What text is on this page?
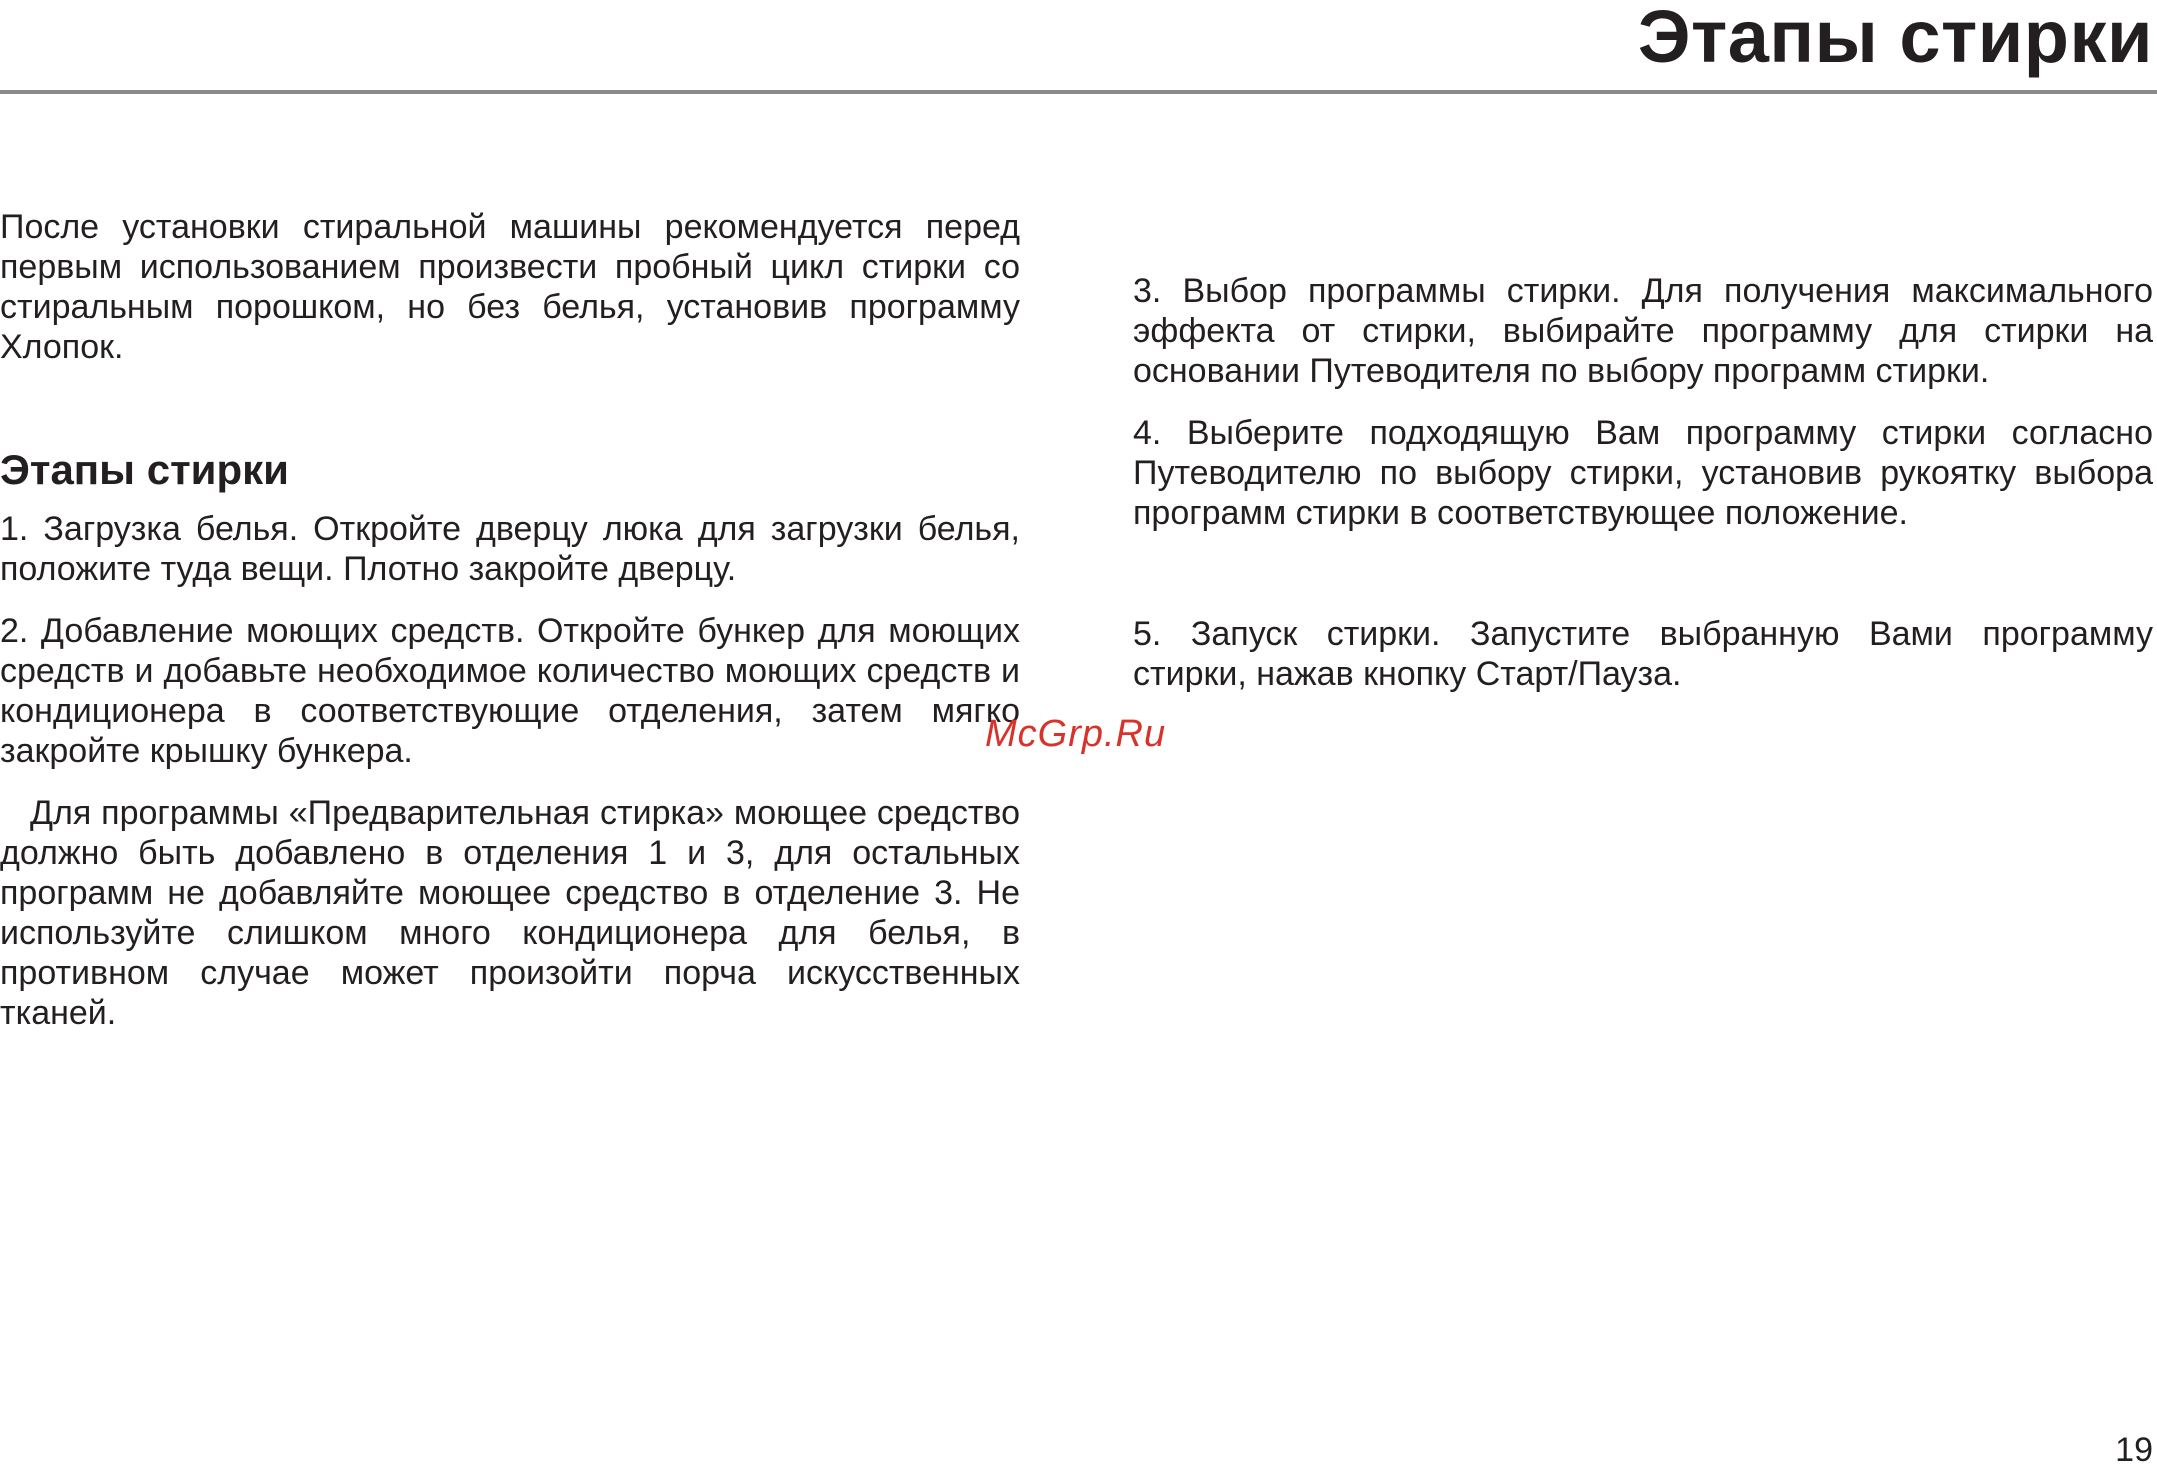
Этапы стирки

После установки стиральной машины рекомендуется перед первым использованием произвести пробный цикл стирки со стиральным порошком, но без белья, установив программу Хлопок.

Этапы стирки

1. Загрузка белья. Откройте дверцу люка для загрузки белья, положите туда вещи. Плотно закройте дверцу.

2. Добавление моющих средств. Откройте бункер для моющих средств и добавьте необходимое количество моющих средств и кондиционера в соответствующие отделения, затем мягко закройте крышку бункера.

Для программы «Предварительная стирка» моющее средство должно быть добавлено в отделения 1 и 3, для остальных программ не добавляйте моющее средство в отделение 3. Не используйте слишком много кондиционера для белья, в противном случае может произойти порча искусственных тканей.

3. Выбор программы стирки. Для получения максимального эффекта от стирки, выбирайте программу для стирки на основании Путеводителя по выбору программ стирки.

4. Выберите подходящую Вам программу стирки согласно Путеводителю по выбору стирки, установив рукоятку выбора программ стирки в соответствующее положение.

5. Запуск стирки. Запустите выбранную Вами программу стирки, нажав кнопку Старт/Пауза.

McGrp.Ru
19
